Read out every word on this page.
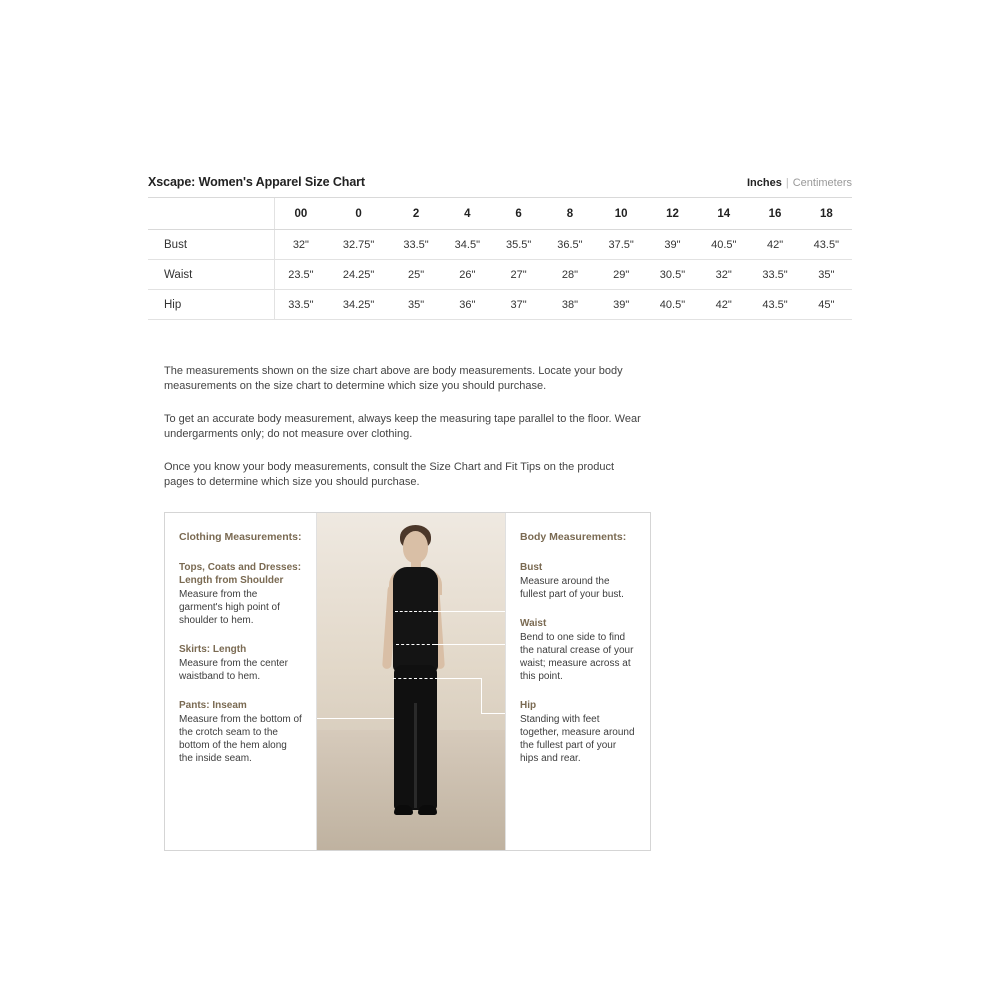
Xscape: Women's Apparel Size Chart	Inches | Centimeters
	00	0	2	4	6	8	10	12	14	16	18
Bust	32"	32.75"	33.5"	34.5"	35.5"	36.5"	37.5"	39"	40.5"	42"	43.5"
Waist	23.5"	24.25"	25"	26"	27"	28"	29"	30.5"	32"	33.5"	35"
Hip	33.5"	34.25"	35"	36"	37"	38"	39"	40.5"	42"	43.5"	45"

The measurements shown on the size chart above are body measurements. Locate your body measurements on the size chart to determine which size you should purchase.

To get an accurate body measurement, always keep the measuring tape parallel to the floor. Wear undergarments only; do not measure over clothing.

Once you know your body measurements, consult the Size Chart and Fit Tips on the product pages to determine which size you should purchase.

Clothing Measurements:
Tops, Coats and Dresses: Length from Shoulder
Measure from the garment's high point of shoulder to hem.
Skirts: Length
Measure from the center waistband to hem.
Pants: Inseam
Measure from the bottom of the crotch seam to the bottom of the hem along the inside seam.
Body Measurements:
Bust
Measure around the fullest part of your bust.
Waist
Bend to one side to find the natural crease of your waist; measure across at this point.
Hip
Standing with feet together, measure around the fullest part of your hips and rear.
